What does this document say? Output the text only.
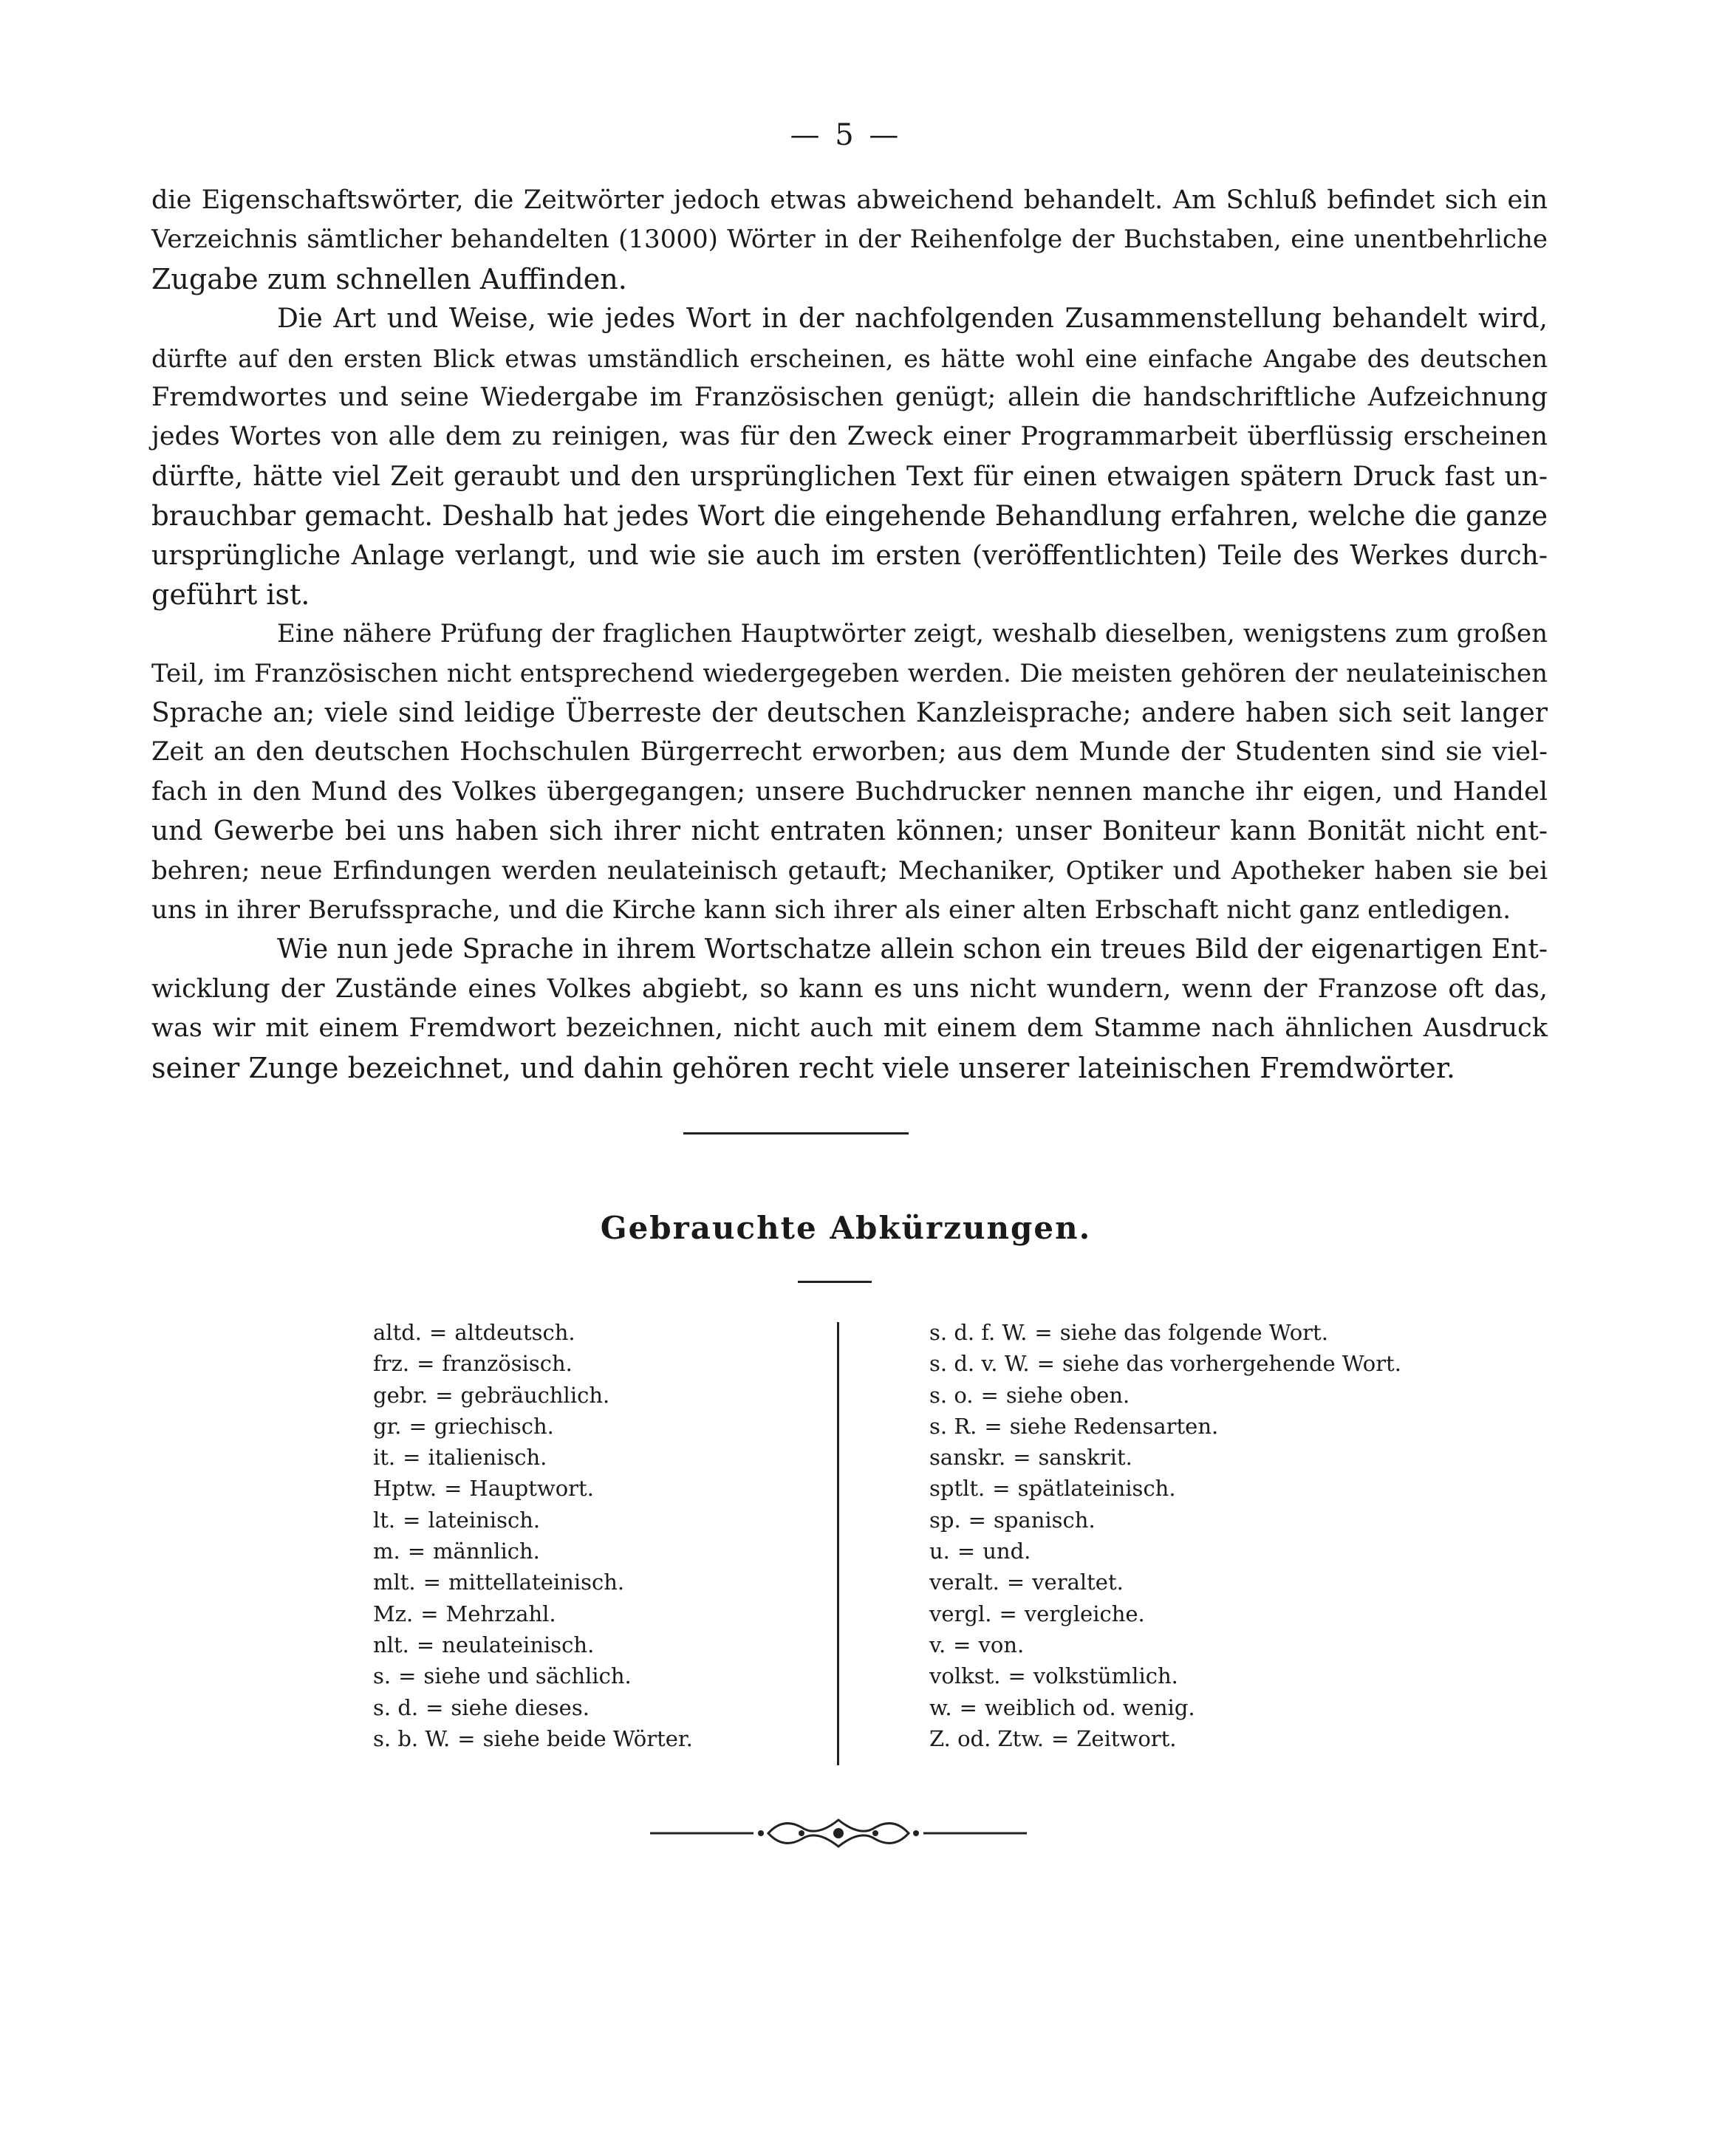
— 5 —
die Eigenschaftswörter, die Zeitwörter jedoch etwas abweichend behandelt. Am Schluß befindet sich ein
Verzeichnis sämtlicher behandelten (13000) Wörter in der Reihenfolge der Buchstaben, eine unentbehrliche
Zugabe zum schnellen Auffinden.
Die Art und Weise, wie jedes Wort in der nachfolgenden Zusammenstellung behandelt wird,
dürfte auf den ersten Blick etwas umständlich erscheinen, es hätte wohl eine einfache Angabe des deutschen
Fremdwortes und seine Wiedergabe im Französischen genügt; allein die handschriftliche Aufzeichnung
jedes Wortes von alle dem zu reinigen, was für den Zweck einer Programmarbeit überflüssig erscheinen
dürfte, hätte viel Zeit geraubt und den ursprünglichen Text für einen etwaigen spätern Druck fast un-
brauchbar gemacht. Deshalb hat jedes Wort die eingehende Behandlung erfahren, welche die ganze
ursprüngliche Anlage verlangt, und wie sie auch im ersten (veröffentlichten) Teile des Werkes durch-
geführt ist.
Eine nähere Prüfung der fraglichen Hauptwörter zeigt, weshalb dieselben, wenigstens zum großen
Teil, im Französischen nicht entsprechend wiedergegeben werden. Die meisten gehören der neulateinischen
Sprache an; viele sind leidige Überreste der deutschen Kanzleisprache; andere haben sich seit langer
Zeit an den deutschen Hochschulen Bürgerrecht erworben; aus dem Munde der Studenten sind sie viel-
fach in den Mund des Volkes übergegangen; unsere Buchdrucker nennen manche ihr eigen, und Handel
und Gewerbe bei uns haben sich ihrer nicht entraten können; unser Boniteur kann Bonität nicht ent-
behren; neue Erfindungen werden neulateinisch getauft; Mechaniker, Optiker und Apotheker haben sie bei
uns in ihrer Berufssprache, und die Kirche kann sich ihrer als einer alten Erbschaft nicht ganz entledigen.
Wie nun jede Sprache in ihrem Wortschatze allein schon ein treues Bild der eigenartigen Ent-
wicklung der Zustände eines Volkes abgiebt, so kann es uns nicht wundern, wenn der Franzose oft das,
was wir mit einem Fremdwort bezeichnen, nicht auch mit einem dem Stamme nach ähnlichen Ausdruck
seiner Zunge bezeichnet, und dahin gehören recht viele unserer lateinischen Fremdwörter.
Gebrauchte Abkürzungen.
altd. = altdeutsch.
frz. = französisch.
gebr. = gebräuchlich.
gr. = griechisch.
it. = italienisch.
Hptw. = Hauptwort.
lt. = lateinisch.
m. = männlich.
mlt. = mittellateinisch.
Mz. = Mehrzahl.
nlt. = neulateinisch.
s. = siehe und sächlich.
s. d. = siehe dieses.
s. b. W. = siehe beide Wörter.
s. d. f. W. = siehe das folgende Wort.
s. d. v. W. = siehe das vorhergehende Wort.
s. o. = siehe oben.
s. R. = siehe Redensarten.
sanskr. = sanskrit.
sptlt. = spätlateinisch.
sp. = spanisch.
u. = und.
veralt. = veraltet.
vergl. = vergleiche.
v. = von.
volkst. = volkstümlich.
w. = weiblich od. wenig.
Z. od. Ztw. = Zeitwort.
